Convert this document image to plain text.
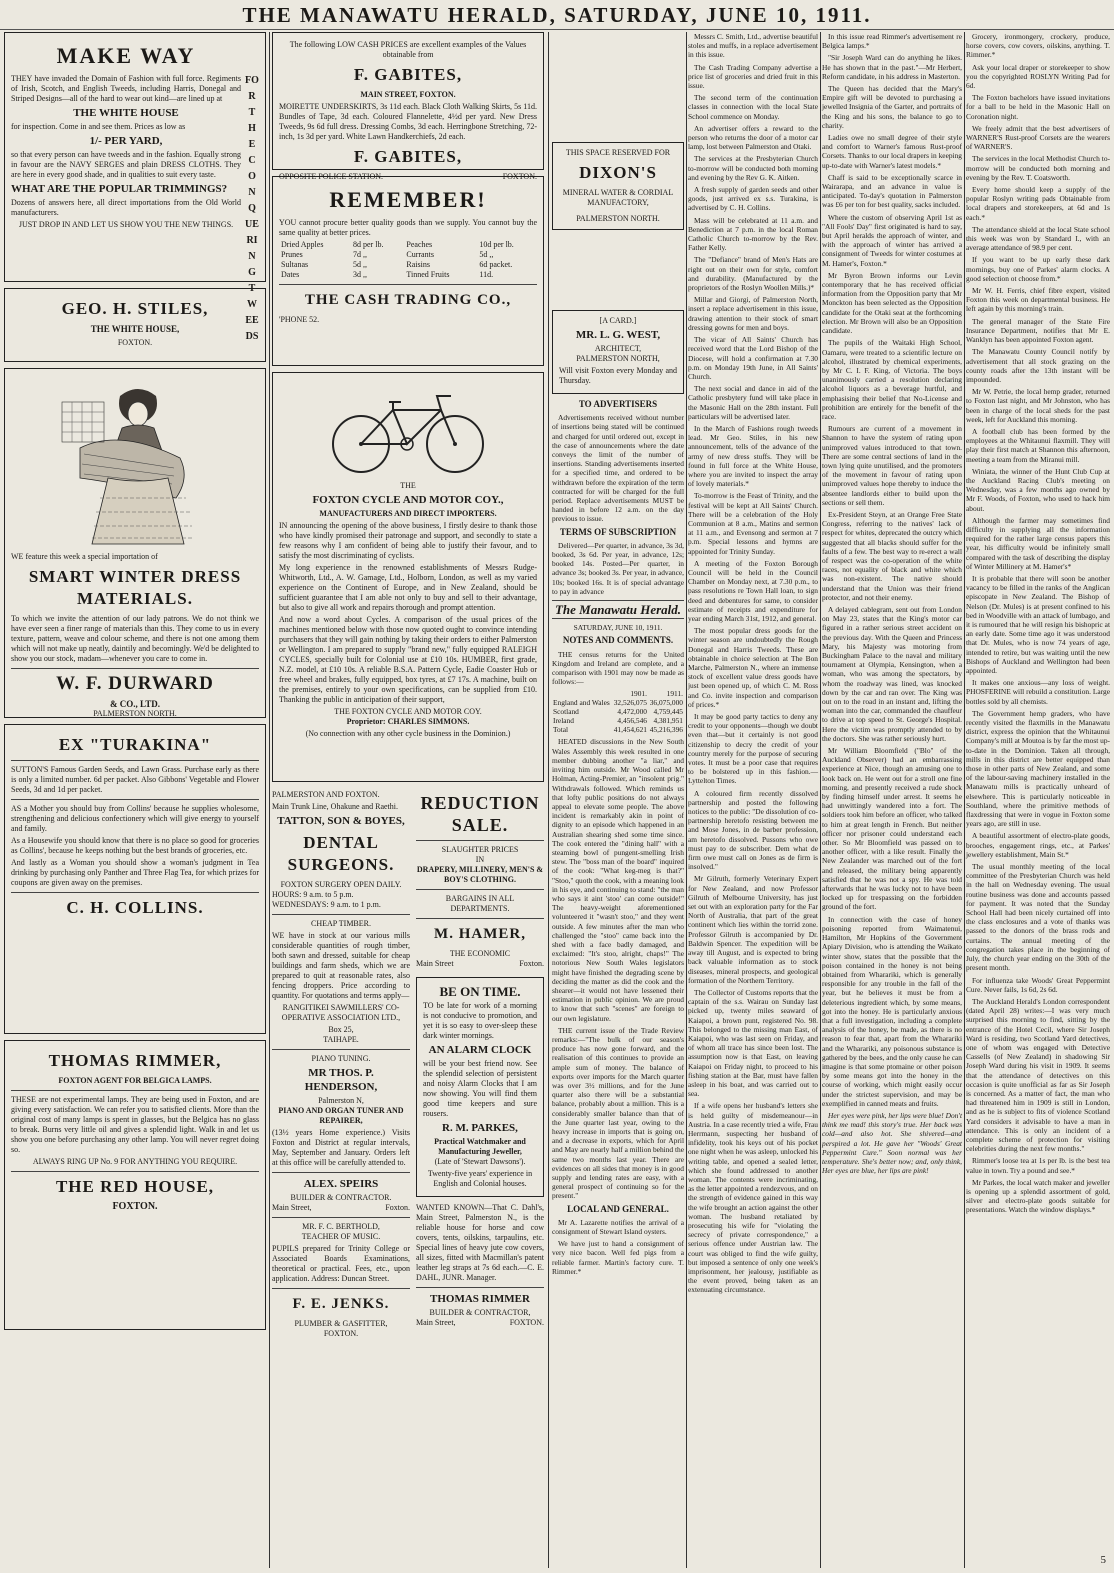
THE MANAWATU HERALD, SATURDAY, JUNE 10, 1911.
MAKE WAY
FOR THE CONQUERING TWEEDS
THEY have invaded the Domain of Fashion with full force. Regiments of Irish, Scotch, and English Tweeds, including Harris, Donegal and Striped Designs—all of the hard to wear out kind—are lined up at
THE WHITE HOUSE
for inspection. Come in and see them. Prices as low as
1/- PER YARD,
so that every person can have tweeds and in the fashion. Equally strong in favour are the NAVY SERGES and plain DRESS CLOTHS. They are here in every good shade, and in qualities to suit every taste.
WHAT ARE THE POPULAR TRIMMINGS?
Dozens of answers here, all direct importations from the Old World manufacturers.
JUST DROP IN AND LET US SHOW YOU THE NEW THINGS.
GEO. H. STILES,
THE WHITE HOUSE,
FOXTON.
WE feature this week a special importation of
SMART WINTER DRESS MATERIALS.
To which we invite the attention of our lady patrons. We do not think we have ever seen a finer range of materials than this. They come to us in every texture, pattern, weave and colour scheme, and there is not one among them which will not make up neatly, daintily and becomingly. We'd be delighted to show you our stock, madam—whenever you care to come in.
W. F. DURWARD
& CO., LTD.
PALMERSTON NORTH.
EX "TURAKINA"
SUTTON'S Famous Garden Seeds, and Lawn Grass. Purchase early as there is only a limited number. 6d per packet. Also Gibbons' Vegetable and Flower Seeds, 3d and 1d per packet.
AS a Mother you should buy from Collins' because he supplies wholesome, strengthening and delicious confectionery which will give energy to yourself and family.
As a Housewife you should know that there is no place so good for groceries as Collins', because he keeps nothing but the best brands of groceries, etc.
And lastly as a Woman you should show a woman's judgment in Tea drinking by purchasing only Panther and Three Flag Tea, for which prizes for coupons are given away on the premises.
C. H. COLLINS.
THOMAS RIMMER,
FOXTON AGENT FOR BELGICA LAMPS.
THESE are not experimental lamps. They are being used in Foxton, and are giving every satisfaction. We can refer you to satisfied clients. More than the original cost of many lamps is spent in glasses, but the Belgica has no glass to break. Burns very little oil and gives a splendid light. Walk in and let us show you one before purchasing any other lamp. You will never regret doing so.
ALWAYS RING UP No. 9 FOR ANYTHING YOU REQUIRE.
THE RED HOUSE,
FOXTON.
The following LOW CASH PRICES are excellent examples of the Values obtainable from
F. GABITES,
MAIN STREET, FOXTON.
MOIRETTE UNDERSKIRTS, 3s 11d each. Black Cloth Walking Skirts, 5s 11d. Bundles of Tape, 3d each. Coloured Flannelette, 4½d per yard. New Dress Tweeds, 9s 6d full dress. Dressing Combs, 3d each. Herringbone Stretching, 72-inch, 1s 3d per yard. White Lawn Handkerchiefs, 2d each.
F. GABITES,
OPPOSITE POLICE STATION.	FOXTON.
REMEMBER!
YOU cannot procure better quality goods than we supply. You cannot buy the same quality at better prices.
Dried Apples	8d per lb.	Peaches	10d per lb.
Prunes	7d ,,	Currants	5d ,,
Sultanas	5d ,,	Raisins	6d packet.
Dates	3d ,,	Tinned Fruits	11d.
THE CASH TRADING CO.,
'PHONE 52.
THE
FOXTON CYCLE AND MOTOR COY.,
MANUFACTURERS AND DIRECT IMPORTERS.
IN announcing the opening of the above business, I firstly desire to thank those who have kindly promised their patronage and support, and secondly to state a few reasons why I am confident of being able to justify their favour, and to satisfy the most discriminating of cyclists.
My long experience in the renowned establishments of Messrs Rudge-Whitworth, Ltd., A. W. Gamage, Ltd., Holborn, London, as well as my varied experience on the Continent of Europe, and in New Zealand, should be sufficient guarantee that I am able not only to buy and sell to their advantage, but also to give all work and repairs thorough and prompt attention.
And now a word about Cycles. A comparison of the usual prices of the machines mentioned below with those now quoted ought to convince intending purchasers that they will gain nothing by taking their orders to either Palmerston or Wellington. I am prepared to supply "brand new," fully equipped RALEIGH CYCLES, specially built for Colonial use at £10 10s. HUMBER, first grade, N.Z. model, at £10 10s. A reliable B.S.A. Pattern Cycle, Eadie Coaster Hub or free wheel and brakes, fully equipped, box tyres, at £7 17s. A machine, built on the premises, entirely to your own specifications, can be supplied from £10. Thanking the public in anticipation of their support,
THE FOXTON CYCLE AND MOTOR COY.
Proprietor: CHARLES SIMMONS.
(No connection with any other cycle business in the Dominion.)
PALMERSTON AND FOXTON.
Main Trunk Line, Ohakune and Raethi.
TATTON, SON & BOYES,
DENTAL SURGEONS.
FOXTON SURGERY OPEN DAILY.
HOURS: 9 a.m. to 5 p.m.
WEDNESDAYS: 9 a.m. to 1 p.m.
CHEAP TIMBER.
WE have in stock at our various mills considerable quantities of rough timber, both sawn and dressed, suitable for cheap buildings and farm sheds, which we are prepared to quit at reasonable rates, also fencing droppers. Price according to quantity. For quotations and terms apply—
RANGITIKEI SAWMILLERS' CO-OPERATIVE ASSOCIATION LTD.,
Box 25,
TAIHAPE.
PIANO TUNING.
MR THOS. P. HENDERSON,
Palmerston N,
PIANO AND ORGAN TUNER AND REPAIRER,
(13½ years Home experience.) Visits Foxton and District at regular intervals, May, September and January. Orders left at this office will be carefully attended to.
ALEX. SPEIRS
BUILDER & CONTRACTOR.
Main Street,	Foxton.
MR. F. C. BERTHOLD,
TEACHER OF MUSIC.
PUPILS prepared for Trinity College or Associated Boards Examinations, theoretical or practical. Fees, etc., upon application. Address: Duncan Street.
F. E. JENKS.
PLUMBER & GASFITTER,
FOXTON.
REDUCTION SALE.
SLAUGHTER PRICES
IN
DRAPERY, MILLINERY, MEN'S & BOY'S CLOTHING.
BARGAINS IN ALL DEPARTMENTS.
M. HAMER,
THE ECONOMIC
Main Street	Foxton.
BE ON TIME.
TO be late for work of a morning is not conducive to promotion, and yet it is so easy to over-sleep these dark winter mornings.
AN ALARM CLOCK
will be your best friend now. See the splendid selection of persistent and noisy Alarm Clocks that I am now showing. You will find them good time keepers and sure rousers.
R. M. PARKES,
Practical Watchmaker and Manufacturing Jeweller,
(Late of 'Stewart Dawsons').
Twenty-five years' experience in English and Colonial houses.
WANTED KNOWN—That C. Dahl's, Main Street, Palmerston N., is the reliable house for horse and cow covers, tents, oilskins, tarpaulins, etc. Special lines of heavy jute cow covers, all sizes, fitted with Macmillan's patent leather leg straps at 7s 6d each.—C. E. DAHL, JUNR. Manager.
THOMAS RIMMER
BUILDER & CONTRACTOR,
Main Street,	FOXTON.
THIS SPACE RESERVED FOR
DIXON'S
MINERAL WATER & CORDIAL MANUFACTORY,
PALMERSTON NORTH.
[A CARD.]
MR. L. G. WEST,
ARCHITECT,
PALMERSTON NORTH,
Will visit Foxton every Monday and Thursday.
TO ADVERTISERS

Advertisements received without number of insertions being stated will be continued and charged for until ordered out, except in the case of announcements where the date conveys the limit of the number of insertions. Standing advertisements inserted for a specified time, and ordered to be withdrawn before the expiration of the term contracted for will be charged for the full period. Replace advertisements MUST be handed in before 12 a.m. on the day previous to issue.

TERMS OF SUBSCRIPTION

Delivered—Per quarter, in advance, 3s 3d, booked, 3s 6d. Per year, in advance, 12s; booked 14s. Posted—Per quarter, in advance 3s; booked 3s. Per year, in advance, 10s; booked 16s. It is of special advantage to pay in advance

The Manawatu Herald.
SATURDAY, JUNE 10, 1911.
NOTES AND COMMENTS.

THE census returns for the United Kingdom and Ireland are complete, and a comparison with 1901 may now be made as follows:—

	1901.	1911.
England and Wales	32,526,075	36,075,000
Scotland	4,472,000	4,759,445
Ireland	4,456,546	4,381,951
Total	41,454,621	45,216,396

HEATED discussions in the New South Wales Assembly this week resulted in one member dubbing another "a liar," and inviting him outside. Mr Wood called Mr Holman, Acting-Premier, an "insolent prig." Withdrawals followed. Which reminds us that lofty public positions do not always appeal to elevate some people. The above incident is remarkably akin in point of dignity to an episode which happened in an Australian shearing shed some time since. The cook entered the "dining hall" with a steaming bowl of pungent-smelling Irish stew. The "boss man of the board" inquired of the cook: "What keg-meg is that?" "Stoo," quoth the cook, with a meaning look in his eye, and continuing to stand: "the man who says it aint 'stoo' can come outside!" The heavy-weight aforementioned volunteered it "wasn't stoo," and they went outside. A few minutes after the man who challenged the "stoo" came back into the shed with a face badly damaged, and exclaimed: "It's stoo, alright, chaps!" The notorious New South Wales legislators might have finished the degrading scene by deciding the matter as did the cook and the shearer—it would not have lessened their estimation in public opinion. We are proud to know that such "scenes" are foreign to our own legislature.

THE current issue of the Trade Review remarks:—"The bulk of our season's produce has now gone forward, and the realisation of this continues to provide an ample sum of money. The balance of exports over imports for the March quarter was over 3½ millions, and for the June quarter also there will be a substantial balance, probably about a million. This is a considerably smaller balance than that of the June quarter last year, owing to the heavy increase in imports that is going on, and a decrease in exports, which for April and May are nearly half a million behind the same two months last year. There are evidences on all sides that money is in good supply and lending rates are easy, with a general prospect of continuing so for the present."

LOCAL AND GENERAL.

Mr A. Lazarette notifies the arrival of a consignment of Stewart Island oysters.

We have just to hand a consignment of very nice bacon. Well fed pigs from a reliable farmer. Martin's factory cure. T. Rimmer.*

Messrs C. Smith, Ltd., advertise beautiful stoles and muffs, in a replace advertisement in this issue.

The Cash Trading Company advertise a price list of groceries and dried fruit in this issue.

The second term of the continuation classes in connection with the local State School commence on Monday.

An advertiser offers a reward to the person who returns the door of a motor car lamp, lost between Palmerston and Otaki.

The services at the Presbyterian Church to-morrow will be conducted both morning and evening by the Rev G. K. Aitken.

A fresh supply of garden seeds and other goods, just arrived ex s.s. Turakina, is advertised by C. H. Collins.

Mass will be celebrated at 11 a.m. and Benediction at 7 p.m. in the local Roman Catholic Church to-morrow by the Rev. Father Kelly.

The "Defiance" brand of Men's Hats are right out on their own for style, comfort and durability. (Manufactured by the proprietors of the Roslyn Woollen Mills.)*

Millar and Giorgi, of Palmerston North, insert a replace advertisement in this issue, drawing attention to their stock of smart dressing gowns for men and boys.

The vicar of All Saints' Church has received word that the Lord Bishop of the Diocese, will hold a confirmation at 7.30 p.m. on Monday 19th June, in All Saints' Church.

The next social and dance in aid of the Catholic presbytery fund will take place in the Masonic Hall on the 28th instant. Full particulars will be advertised later.

In the March of Fashions rough tweeds lead. Mr Geo. Stiles, in his new announcement, tells of the advance of the army of new dress stuffs. They will be found in full force at the White House, where you are invited to inspect the array of lovely materials.*

To-morrow is the Feast of Trinity, and the festival will be kept at All Saints' Church. There will be a celebration of the Holy Communion at 8 a.m., Matins and sermon at 11 a.m., and Evensong and sermon at 7 p.m. Special lessons and hymns are appointed for Trinity Sunday.

A meeting of the Foxton Borough Council will be held in the Council Chamber on Monday next, at 7.30 p.m., to pass resolutions re Town Hall loan, to sign deed and debentures for same, to consider estimate of receipts and expenditure for year ending March 31st, 1912, and general.

The most popular dress goods for the winter season are undoubtedly the Rough Donegal and Harris Tweeds. These are obtainable in choice selection at The Bon Marche, Palmerston N., where an immense stock of excellent value dress goods have just been opened up, of which C. M. Ross and Co. invite inspection and comparison of prices.*

It may be good party tactics to deny any credit to your opponents—though we doubt even that—but it certainly is not good citizenship to decry the credit of your country merely for the purpose of securing votes. It must be a poor case that requires to be bolstered up in this fashion.—Lyttelton Times.

A coloured firm recently dissolved partnership and posted the following notices to the public: "De dissolution of co-partnership heretofo resisting between me and Mose Jones, in de barber profession, am heretofo dissolved. Pussons who owe must pay to de subscriber. Dem what de firm owe must call on Jones as de firm is insolved."

Mr Gilruth, formerly Veterinary Expert for New Zealand, and now Professor Gilruth of Melbourne University, has just set out with an exploration party for the Far North of Australia, that part of the great continent which lies within the torrid zone. Professor Gilruth is accompanied by Dr. Baldwin Spencer. The expedition will be away till August, and is expected to bring back valuable information as to stock diseases, mineral prospects, and geological formation of the Northern Territory.

The Collector of Customs reports that the captain of the s.s. Wairau on Sunday last picked up, twenty miles seaward of Kaiapoi, a brown punt, registered No. 98. This belonged to the missing man East, of Kaiapoi, who was last seen on Friday, and of whom all trace has since been lost. The assumption now is that East, on leaving Kaiapoi on Friday night, to proceed to his fishing station at the Bar, must have fallen asleep in his boat, and was carried out to sea.

If a wife opens her husband's letters she is held guilty of misdemeanour—in Austria. In a case recently tried a wife, Frau Herrmann, suspecting her husband of infidelity, took his keys out of his pocket one night when he was asleep, unlocked his writing table, and opened a sealed letter, which she found addressed to another woman. The contents were incriminating, as the letter appointed a rendezvous, and on the strength of evidence gained in this way the wife brought an action against the other woman. The husband retaliated by prosecuting his wife for "violating the secrecy of private correspondence," a serious offence under Austrian law. The court was obliged to find the wife guilty, but imposed a sentence of only one week's imprisonment, her jealousy, justifiable as the event proved, being taken as an extenuating circumstance.

In this issue read Rimmer's advertisement re Belgica lamps.*

"Sir Joseph Ward can do anything he likes. He has shown that in the past."—Mr Herbert, Reform candidate, in his address in Masterton.

The Queen has decided that the Mary's Empire gift will be devoted to purchasing a jewelled Insignia of the Garter, and portraits of the King and his sons, the balance to go to charity.

Ladies owe no small degree of their style and comfort to Warner's famous Rust-proof Corsets. Thanks to our local drapers in keeping up-to-date with Warner's latest models.*

Chaff is said to be exceptionally scarce in Wairarapa, and an advance in value is anticipated. To-day's quotation in Palmerston was £6 per ton for best quality, sacks included.

Where the custom of observing April 1st as "All Fools' Day" first originated is hard to say, but April heralds the approach of winter, and with the approach of winter has arrived a consignment of Tweeds for winter costumes at M. Hamer's, Foxton.*

Mr Byron Brown informs our Levin contemporary that he has received official information from the Opposition party that Mr Monckton has been selected as the Opposition candidate for the Otaki seat at the forthcoming election. Mr Brown will also be an Opposition candidate.

The pupils of the Waitaki High School, Oamaru, were treated to a scientific lecture on alcohol, illustrated by chemical experiments, by Mr C. I. F. King, of Victoria. The boys unanimously carried a resolution declaring alcohol liquors as a beverage hurtful, and emphasising their belief that No-License and prohibition are entirely for the benefit of the race.

Rumours are current of a movement in Shannon to have the system of rating upon unimproved values introduced to that town. There are some central sections of land in the town lying quite unutilised, and the promoters of the movement in favour of rating upon unimproved values hope thereby to induce the absentee landlords either to build upon the sections or sell them.

Ex-President Steyn, at an Orange Free State Congress, referring to the natives' lack of respect for whites, deprecated the outcry which suggested that all blacks should suffer for the faults of a few. The best way to re-erect a wall of respect was the co-operation of the white races, not equality of black and white which was non-existent. The native should understand that the Union was their friend protector, and not their enemy.

A delayed cablegram, sent out from London on May 23, states that the King's motor car figured in a rather serious street accident on the previous day. With the Queen and Princess Mary, his Majesty was motoring from Buckingham Palace to the naval and military tournament at Olympia, Kensington, when a woman, who was among the spectators, by whom the roadway was lined, was knocked down by the car and ran over. The King was out on to the road in an instant and, lifting the woman into the car, commanded the chauffeur to drive at top speed to St. George's Hospital. Here the victim was promptly attended to by the doctors. She was rather seriously hurt.

Mr William Bloomfield ("Blo" of the Auckland Observer) had an embarrassing experience at Nice, though an amusing one to look back on. He went out for a stroll one fine morning, and presently received a rude shock by finding himself under arrest. It seems he had unwittingly wandered into a fort. The soldiers took him before an officer, who talked to him at great length in French. But neither officer nor prisoner could understand each other. So Mr Bloomfield was passed on to another officer, with a like result. Finally the New Zealander was marched out of the fort and released, the military being apparently satisfied that he was not a spy. He was told afterwards that he was lucky not to have been locked up for trespassing on the forbidden ground of the fort.

In connection with the case of honey poisoning reported from Waimatenui, Hamilton, Mr Hopkins of the Government Apiary Division, who is attending the Waikato winter show, states that the possible that the poison contained in the honey is not being obtained from Wharariki, which is generally responsible for any trouble in the fall of the year, but he believes it must be from a deleterious ingredient which, by some means, got into the honey. He is particularly anxious that a full investigation, including a complete analysis of the honey, be made, as there is no reason to fear that, apart from the Wharariki and the Wharariki, any poisonous substance is gathered by the bees, and the only cause he can imagine is that some ptomaine or other poison by some means got into the honey in the course of working, which might easily occur under the strictest supervision, and may be exemplified in canned meats and fruits.

Her eyes were pink, her lips were blue! Don't think me mad! this story's true. Her back was cold—and also hot. She shivered—and perspired a lot. He gave her "Woods' Great Peppermint Cure." Soon normal was her temperature. She's better now; and, only think, Her eyes are blue, her lips are pink!

Grocery, ironmongery, crockery, produce, horse covers, cow covers, oilskins, anything. T. Rimmer.*

Ask your local draper or storekeeper to show you the copyrighted ROSLYN Writing Pad for 6d.

The Foxton bachelors have issued invitations for a ball to be held in the Masonic Hall on Coronation night.

We freely admit that the best advertisers of WARNER'S Rust-proof Corsets are the wearers of WARNER'S.

The services in the local Methodist Church to-morrow will be conducted both morning and evening by the Rev. T. Coatsworth.

Every home should keep a supply of the popular Roslyn writing pads Obtainable from local drapers and storekeepers, at 6d and 1s each.*

The attendance shield at the local State school this week was won by Standard I., with an average attendance of 98.9 per cent.

If you want to be up early these dark mornings, buy one of Parkes' alarm clocks. A good selection ot choose from.*

Mr W. H. Ferris, chief fibre expert, visited Foxton this week on departmental business. He left again by this morning's train.

The general manager of the State Fire Insurance Department, notifies that Mr E. Wanklyn has been appointed Foxton agent.

The Manawatu County Council notify by advertisement that all stock grazing on the county roads after the 13th instant will be impounded.

Mr W. Petrie, the local hemp grader, returned to Foxton last night, and Mr Johnston, who has been in charge of the local sheds for the past week, left for Auckland this morning.

A football club has been formed by the employees at the Whitaunui flaxmill. They will play their first match at Shannon this afternoon, meeting a team from the Miranui mill.

Winiata, the winner of the Hunt Club Cup at the Auckland Racing Club's meeting on Wednesday, was a few months ago owned by Mr F. Woods, of Foxton, who used to hack him about.

Although the farmer may sometimes find difficulty in supplying all the information required for the rather large census papers this year, his difficulty would be infinitely small compared with the task of describing the display of Winter Millinery at M. Hamer's*

It is probable that there will soon be another vacancy to be filled in the ranks of the Anglican episcopate in New Zealand. The Bishop of Nelson (Dr. Mules) is at present confined to his bed in Woodville with an attack of lumbago, and it is rumoured that he will resign his bishopric at an early date. Some time ago it was understood that Dr. Mules, who is now 74 years of age, intended to retire, but was waiting until the new Bishops of Auckland and Wellington had been appointed.

It makes one anxious—any loss of weight. PHOSFERINE will rebuild a constitution. Large bottles sold by all chemists.

The Government hemp graders, who have recently visited the flaxmills in the Manawatu district, express the opinion that the Whitaunui Company's mill at Moutoa is by far the most up-to-date in the Dominion. Taken all through, mills in this district are better equipped than those in other parts of New Zealand, and some of the labour-saving machinery installed in the Manawatu mills is practically unheard of elsewhere. This is particularly noticeable in Southland, where the primitive methods of flaxdressing that were in vogue in Foxton some years ago, are still in use.

A beautiful assortment of electro-plate goods, brooches, engagement rings, etc., at Parkes' jewellery establishment, Main St.*

The usual monthly meeting of the local committee of the Presbyterian Church was held in the hall on Wednesday evening. The usual routine business was done and accounts passed for payment. It was noted that the Sunday School Hall had been nicely curtained off into the class enclosures and a vote of thanks was passed to the donors of the brass rods and curtains. The annual meeting of the congregation takes place in the beginning of July, the church year ending on the 30th of the present month.

For influenza take Woods' Great Peppermint Cure. Never fails, 1s 6d, 2s 6d.

The Auckland Herald's London correspondent (dated April 28) writes:—I was very much surprised this morning to find, sitting by the entrance of the Hotel Cecil, where Sir Joseph Ward is residing, two Scotland Yard detectives, one of whom was engaged with Detective Cassells (of New Zealand) in shadowing Sir Joseph Ward during his visit in 1909. It seems that the attendance of detectives on this occasion is quite unofficial as far as Sir Joseph is concerned. As a matter of fact, the man who had threatened him in 1909 is still in London, and as he is subject to fits of violence Scotland Yard considers it advisable to have a man in attendance. This is only an incident of a complete scheme of protection for visiting celebrities during the next few months."

Rimmer's loose tea at 1s per lb. is the best tea value in town. Try a pound and see.*

Mr Parkes, the local watch maker and jeweller is opening up a splendid assortment of gold, silver and electro-plate goods suitable for presentations. Watch the window displays.*

5
